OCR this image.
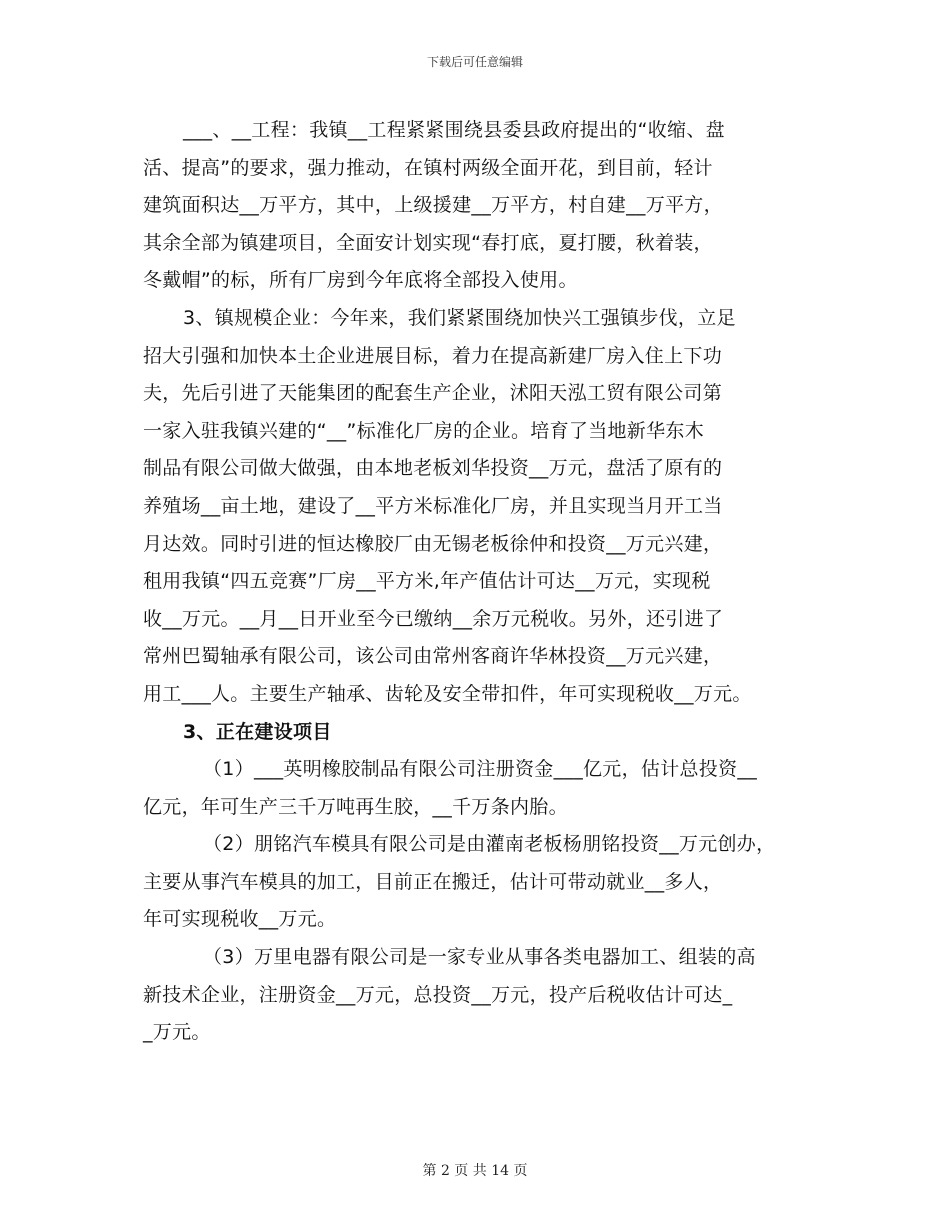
下载后可任意编辑
___、__工程：我镇__工程紧紧围绕县委县政府提出的“收缩、盘
活、提高”的要求，强力推动，在镇村两级全面开花，到目前，轻计
建筑面积达__万平方，其中，上级援建__万平方，村自建__万平方，
其余全部为镇建项目，全面安计划实现“春打底，夏打腰，秋着装，
冬戴帽”的标，所有厂房到今年底将全部投入使用。
3、镇规模企业：今年来，我们紧紧围绕加快兴工强镇步伐，立足
招大引强和加快本土企业进展目标，着力在提高新建厂房入住上下功
夫，先后引进了天能集团的配套生产企业，沭阳天泓工贸有限公司第
一家入驻我镇兴建的“__”标准化厂房的企业。培育了当地新华东木
制品有限公司做大做强，由本地老板刘华投资__万元，盘活了原有的
养殖场__亩土地，建设了__平方米标准化厂房，并且实现当月开工当
月达效。同时引进的恒达橡胶厂由无锡老板徐仲和投资__万元兴建，
租用我镇“四五竞赛”厂房__平方米,年产值估计可达__万元，实现税
收__万元。__月__日开业至今已缴纳__余万元税收。另外，还引进了
常州巴蜀轴承有限公司，该公司由常州客商许华林投资__万元兴建，
用工___人。主要生产轴承、齿轮及安全带扣件，年可实现税收__万元。
3、正在建设项目
（1）___英明橡胶制品有限公司注册资金___亿元，估计总投资__
亿元，年可生产三千万吨再生胶，__千万条内胎。
（2）朋铭汽车模具有限公司是由灌南老板杨朋铭投资__万元创办，
主要从事汽车模具的加工，目前正在搬迁，估计可带动就业__多人，
年可实现税收__万元。
（3）万里电器有限公司是一家专业从事各类电器加工、组装的高
新技术企业，注册资金__万元，总投资__万元，投产后税收估计可达_
_万元。
第 2 页 共 14 页
